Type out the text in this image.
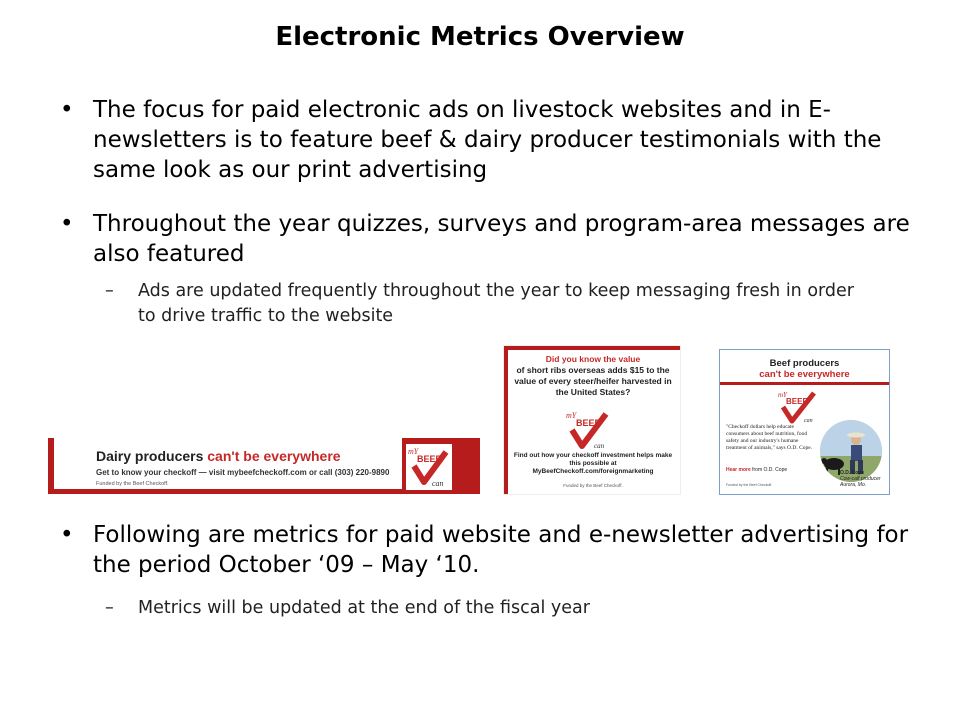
Electronic Metrics Overview
• The focus for paid electronic ads on livestock websites and in E-newsletters is to feature beef & dairy producer testimonials with the same look as our print advertising
• Throughout the year quizzes, surveys and program-area messages are also featured
– Ads are updated frequently throughout the year to keep messaging fresh in order to drive traffic to the website
Dairy producers can't be everywhere
Get to know your checkoff — visit mybeefcheckoff.com or call (303) 220-9890
Funded by the Beef Checkoff.
mY
BEEF
can
Did you know the value
of short ribs overseas adds $15 to the value of every steer/heifer harvested in the United States?
mY
BEEF
can
Find out how your checkoff investment helps make this possible at MyBeefCheckoff.com/foreignmarketing
Funded by the Beef Checkoff.
Beef producers
can't be everywhere
mY
BEEF
can
"Checkoff dollars help educate consumers about beef nutrition, food safety and our industry's humane treatment of animals," says O.D. Cope.
Hear more from O.D. Cope
Funded by the Beef Checkoff.
O.D. Cope
Cow-calf producer
Aurora, Mo.
• Following are metrics for paid website and e-newsletter advertising for the period October ‘09 – May ‘10.
– Metrics will be updated at the end of the fiscal year
